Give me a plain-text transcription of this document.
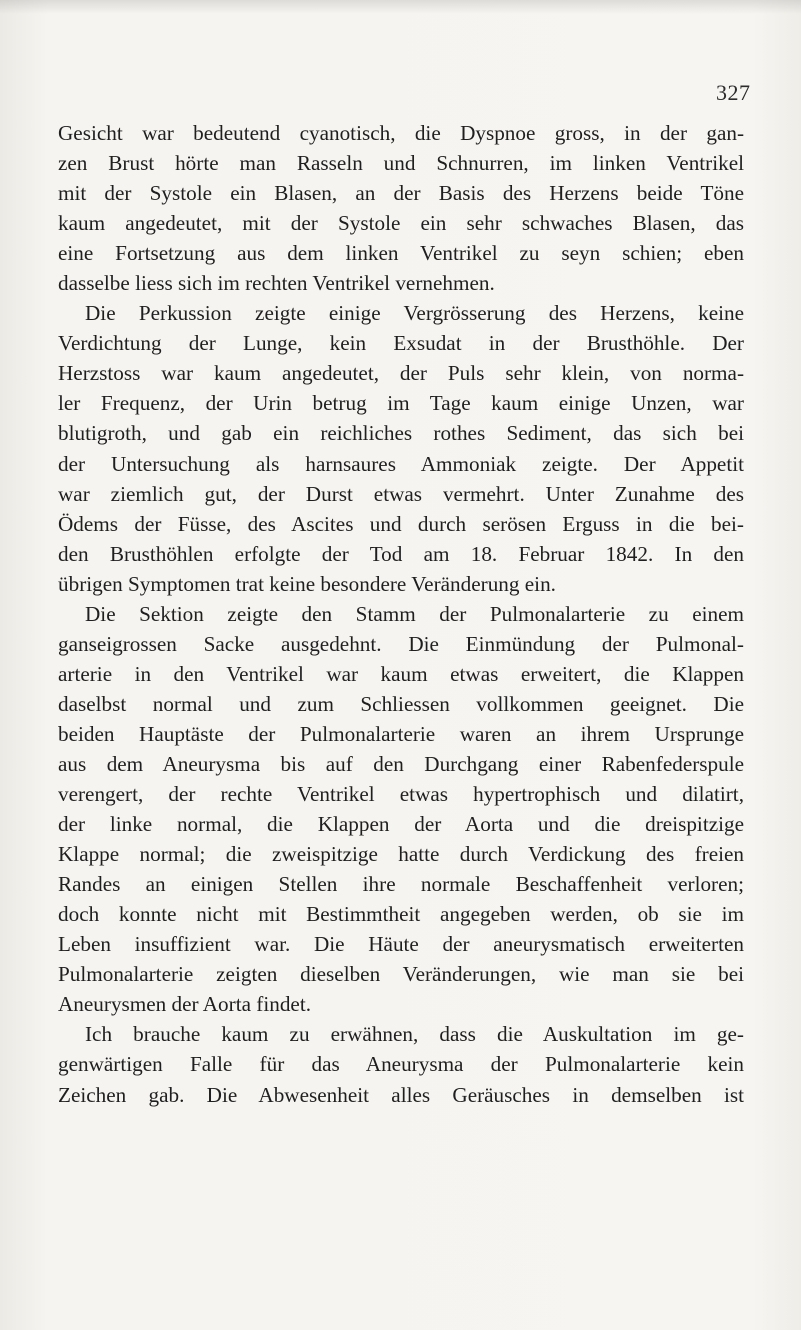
327
Gesicht war bedeutend cyanotisch, die Dyspnoe gross, in der gan-
zen Brust hörte man Rasseln und Schnurren, im linken Ventrikel
mit der Systole ein Blasen, an der Basis des Herzens beide Töne
kaum angedeutet, mit der Systole ein sehr schwaches Blasen, das
eine Fortsetzung aus dem linken Ventrikel zu seyn schien; eben
dasselbe liess sich im rechten Ventrikel vernehmen.
Die Perkussion zeigte einige Vergrösserung des Herzens, keine
Verdichtung der Lunge, kein Exsudat in der Brusthöhle. Der
Herzstoss war kaum angedeutet, der Puls sehr klein, von norma-
ler Frequenz, der Urin betrug im Tage kaum einige Unzen, war
blutigroth, und gab ein reichliches rothes Sediment, das sich bei
der Untersuchung als harnsaures Ammoniak zeigte. Der Appetit
war ziemlich gut, der Durst etwas vermehrt. Unter Zunahme des
Ödems der Füsse, des Ascites und durch serösen Erguss in die bei-
den Brusthöhlen erfolgte der Tod am 18. Februar 1842. In den
übrigen Symptomen trat keine besondere Veränderung ein.
Die Sektion zeigte den Stamm der Pulmonalarterie zu einem
ganseigrossen Sacke ausgedehnt. Die Einmündung der Pulmonal-
arterie in den Ventrikel war kaum etwas erweitert, die Klappen
daselbst normal und zum Schliessen vollkommen geeignet. Die
beiden Hauptäste der Pulmonalarterie waren an ihrem Ursprunge
aus dem Aneurysma bis auf den Durchgang einer Rabenfederspule
verengert, der rechte Ventrikel etwas hypertrophisch und dilatirt,
der linke normal, die Klappen der Aorta und die dreispitzige
Klappe normal; die zweispitzige hatte durch Verdickung des freien
Randes an einigen Stellen ihre normale Beschaffenheit verloren;
doch konnte nicht mit Bestimmtheit angegeben werden, ob sie im
Leben insuffizient war. Die Häute der aneurysmatisch erweiterten
Pulmonalarterie zeigten dieselben Veränderungen, wie man sie bei
Aneurysmen der Aorta findet.
Ich brauche kaum zu erwähnen, dass die Auskultation im ge-
genwärtigen Falle für das Aneurysma der Pulmonalarterie kein
Zeichen gab. Die Abwesenheit alles Geräusches in demselben ist
